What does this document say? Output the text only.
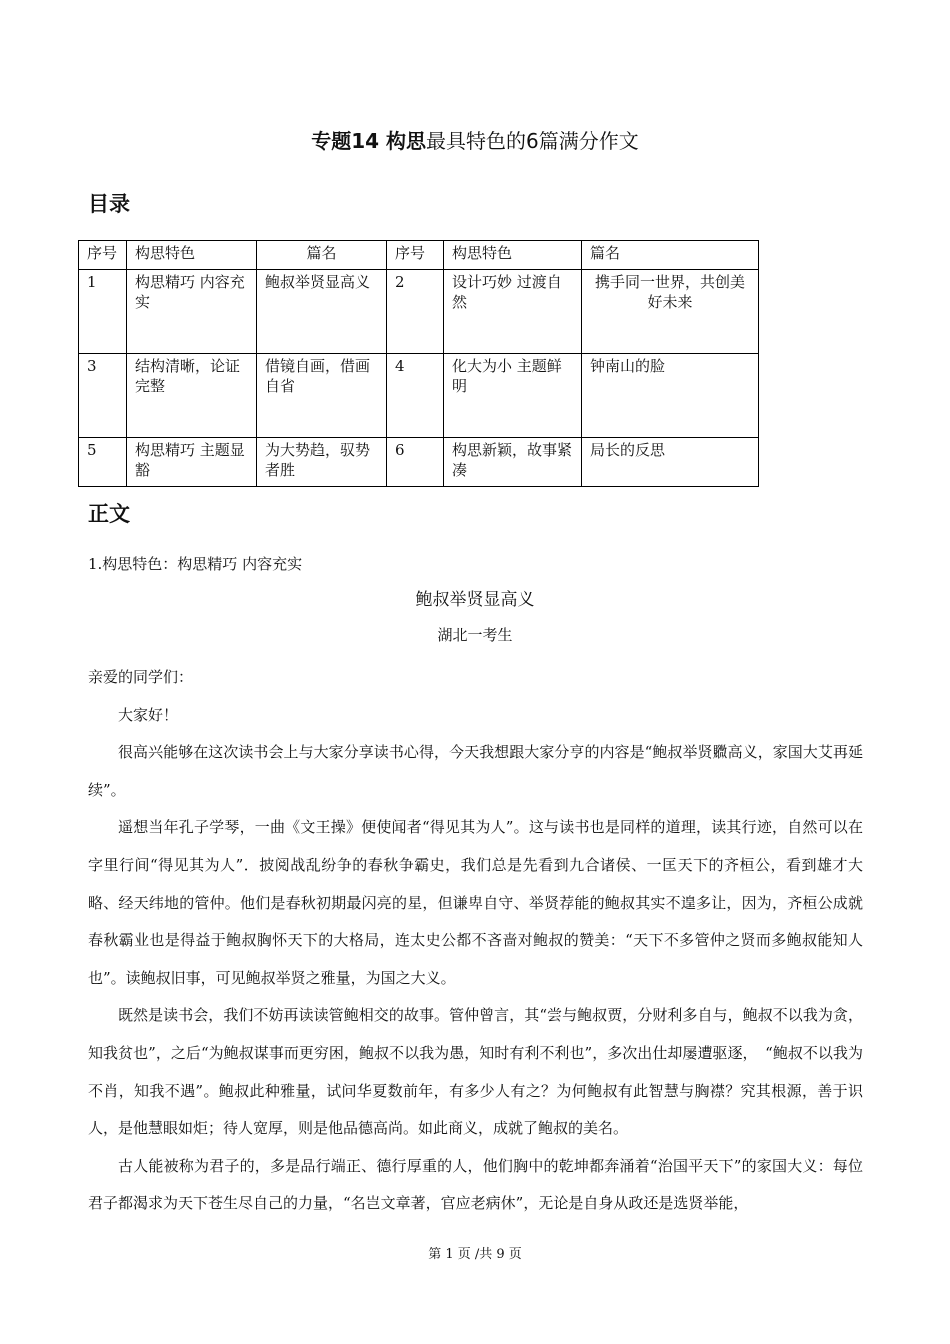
专题14 构思最具特色的6篇满分作文
目录
序号	构思特色	篇名	序号	构思特色	篇名
1	构思精巧 内容充实	鲍叔举贤显高义	2	设计巧妙 过渡自然	携手同一世界，共创美好未来
3	结构清晰，论证完整	借镜自画，借画自省	4	化大为小 主题鲜明	钟南山的脸
5	构思精巧 主题显豁	为大势趋，驭势者胜	6	构思新颖，故事紧凑	局长的反思
正文
1.构思特色：构思精巧 内容充实
鲍叔举贤显高义
湖北一考生

亲爱的同学们：

大家好！

很高兴能够在这次读书会上与大家分享读书心得，今天我想跟大家分亨的内容是“鲍叔举贤覹高义，家国大艾再延续”。

遥想当年孔子学琴，一曲《文王操》便使闻者“得见其为人”。这与读书也是同样的道理，读其行迹，自然可以在字里行间“得见其为人”．披阅战乱纷争的春秋争霸史，我们总是先看到九合诸侯、一匡天下的齐桓公，看到雄才大略、经天纬地的管仲。他们是春秋初期最闪亮的星，但谦卑自守、举贤荐能的鲍叔其实不遑多让，因为，齐桓公成就春秋霸业也是得益于鲍叔胸怀天下的大格局，连太史公都不吝啬对鲍叔的赞美：“天下不多管仲之贤而多鲍叔能知人也”。读鲍叔旧事，可见鲍叔举贤之雅量，为国之大义。

既然是读书会，我们不妨再读读管鲍相交的故事。管仲曾言，其“尝与鲍叔贾，分财利多自与，鲍叔不以我为贪，知我贫也”，之后“为鲍叔谋事而更穷困，鲍叔不以我为愚，知时有利不利也”，多次出仕却屡遭驱逐，　“鲍叔不以我为不肖，知我不遇”。鲍叔此种雅量，试问华夏数前年，有多少人有之？为何鲍叔有此智慧与胸襟？究其根源，善于识人，是他慧眼如炬；待人宽厚，则是他品德高尚。如此商义，成就了鲍叔的美名。

古人能被称为君子的，多是品行端正、德行厚重的人，他们胸中的乾坤都奔涌着“治国平天下”的家国大义：每位君子都渴求为天下苍生尽自己的力量，“名岂文章著，官应老病休”，无论是自身从政还是选贤举能，

第 1 页 /共 9 页
